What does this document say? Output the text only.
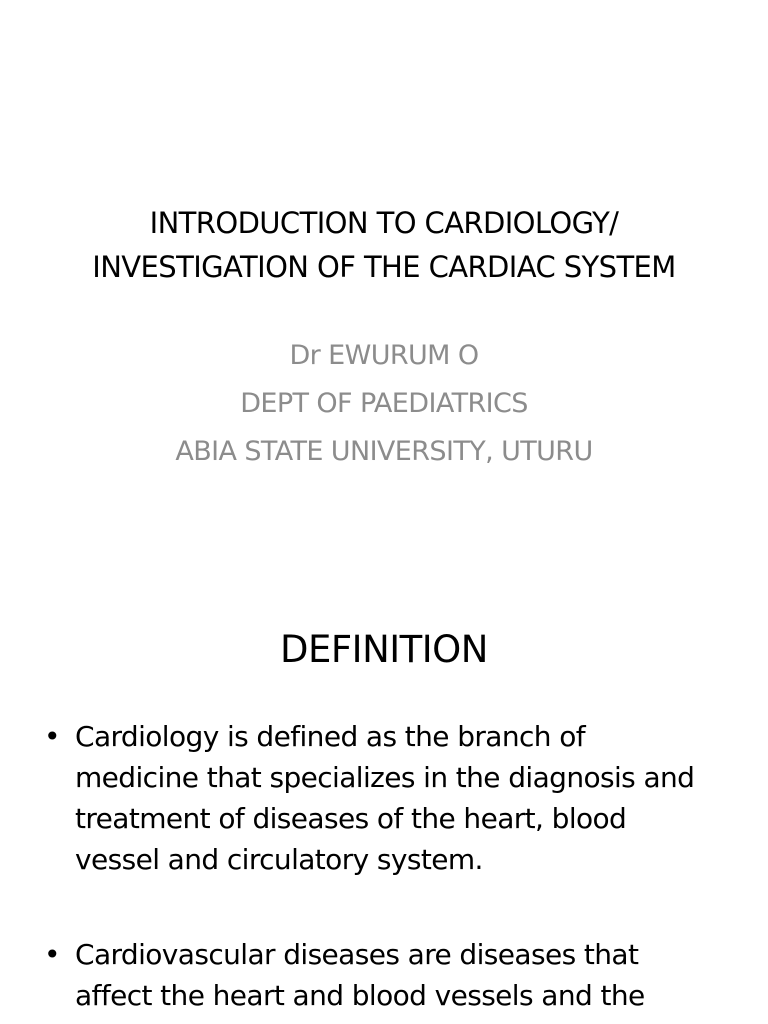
INTRODUCTION TO CARDIOLOGY/
INVESTIGATION OF THE CARDIAC SYSTEM
Dr EWURUM O
DEPT OF PAEDIATRICS
ABIA STATE UNIVERSITY, UTURU
DEFINITION
• Cardiology is defined as the branch of
medicine that specializes in the diagnosis and
treatment of diseases of the heart, blood
vessel and circulatory system.
• Cardiovascular diseases are diseases that
affect the heart and blood vessels and the
